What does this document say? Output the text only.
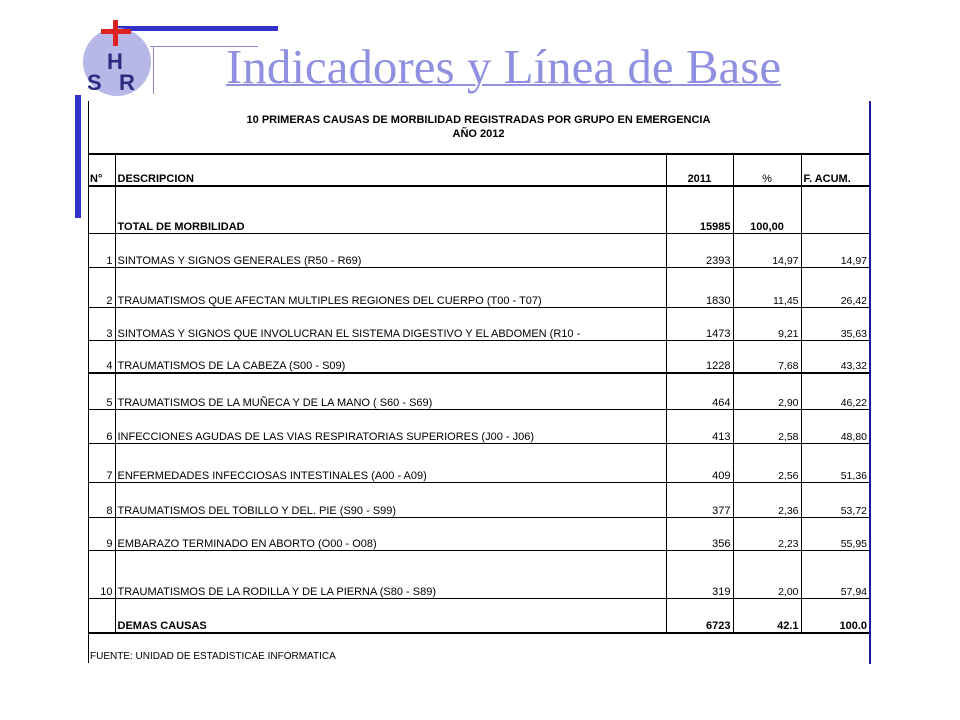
H
S R Indicadores y Línea de Base
10 PRIMERAS CAUSAS DE MORBILIDAD REGISTRADAS POR GRUPO EN EMERGENCIA
AÑO 2012				

N°	DESCRIPCION	2011	%	F. ACUM.
	TOTAL DE MORBILIDAD	15985	100,00	
1	SINTOMAS Y SIGNOS GENERALES (R50 - R69)	2393	14,97	14,97
2	TRAUMATISMOS QUE AFECTAN MULTIPLES REGIONES DEL CUERPO (T00 - T07)	1830	11,45	26,42
3	SINTOMAS Y SIGNOS QUE INVOLUCRAN EL SISTEMA DIGESTIVO Y EL ABDOMEN (R10 -	1473	9,21	35,63
4	TRAUMATISMOS DE LA CABEZA (S00 - S09)	1228	7,68	43,32
5	TRAUMATISMOS DE LA MUÑECA Y DE LA MANO ( S60 - S69)	464	2,90	46,22
6	INFECCIONES AGUDAS DE LAS VIAS RESPIRATORIAS SUPERIORES (J00 - J06)	413	2,58	48,80
7	ENFERMEDADES INFECCIOSAS INTESTINALES (A00 - A09)	409	2,56	51,36
8	TRAUMATISMOS DEL TOBILLO Y DEL. PIE (S90 - S99)	377	2,36	53,72
9	EMBARAZO TERMINADO EN ABORTO (O00 - O08)	356	2,23	55,95
10	TRAUMATISMOS DE LA RODILLA Y DE LA PIERNA (S80 - S89)	319	2,00	57,94
	DEMAS CAUSAS	6723	42.1	100.0
FUENTE: UNIDAD DE ESTADISTICAE INFORMATICA
